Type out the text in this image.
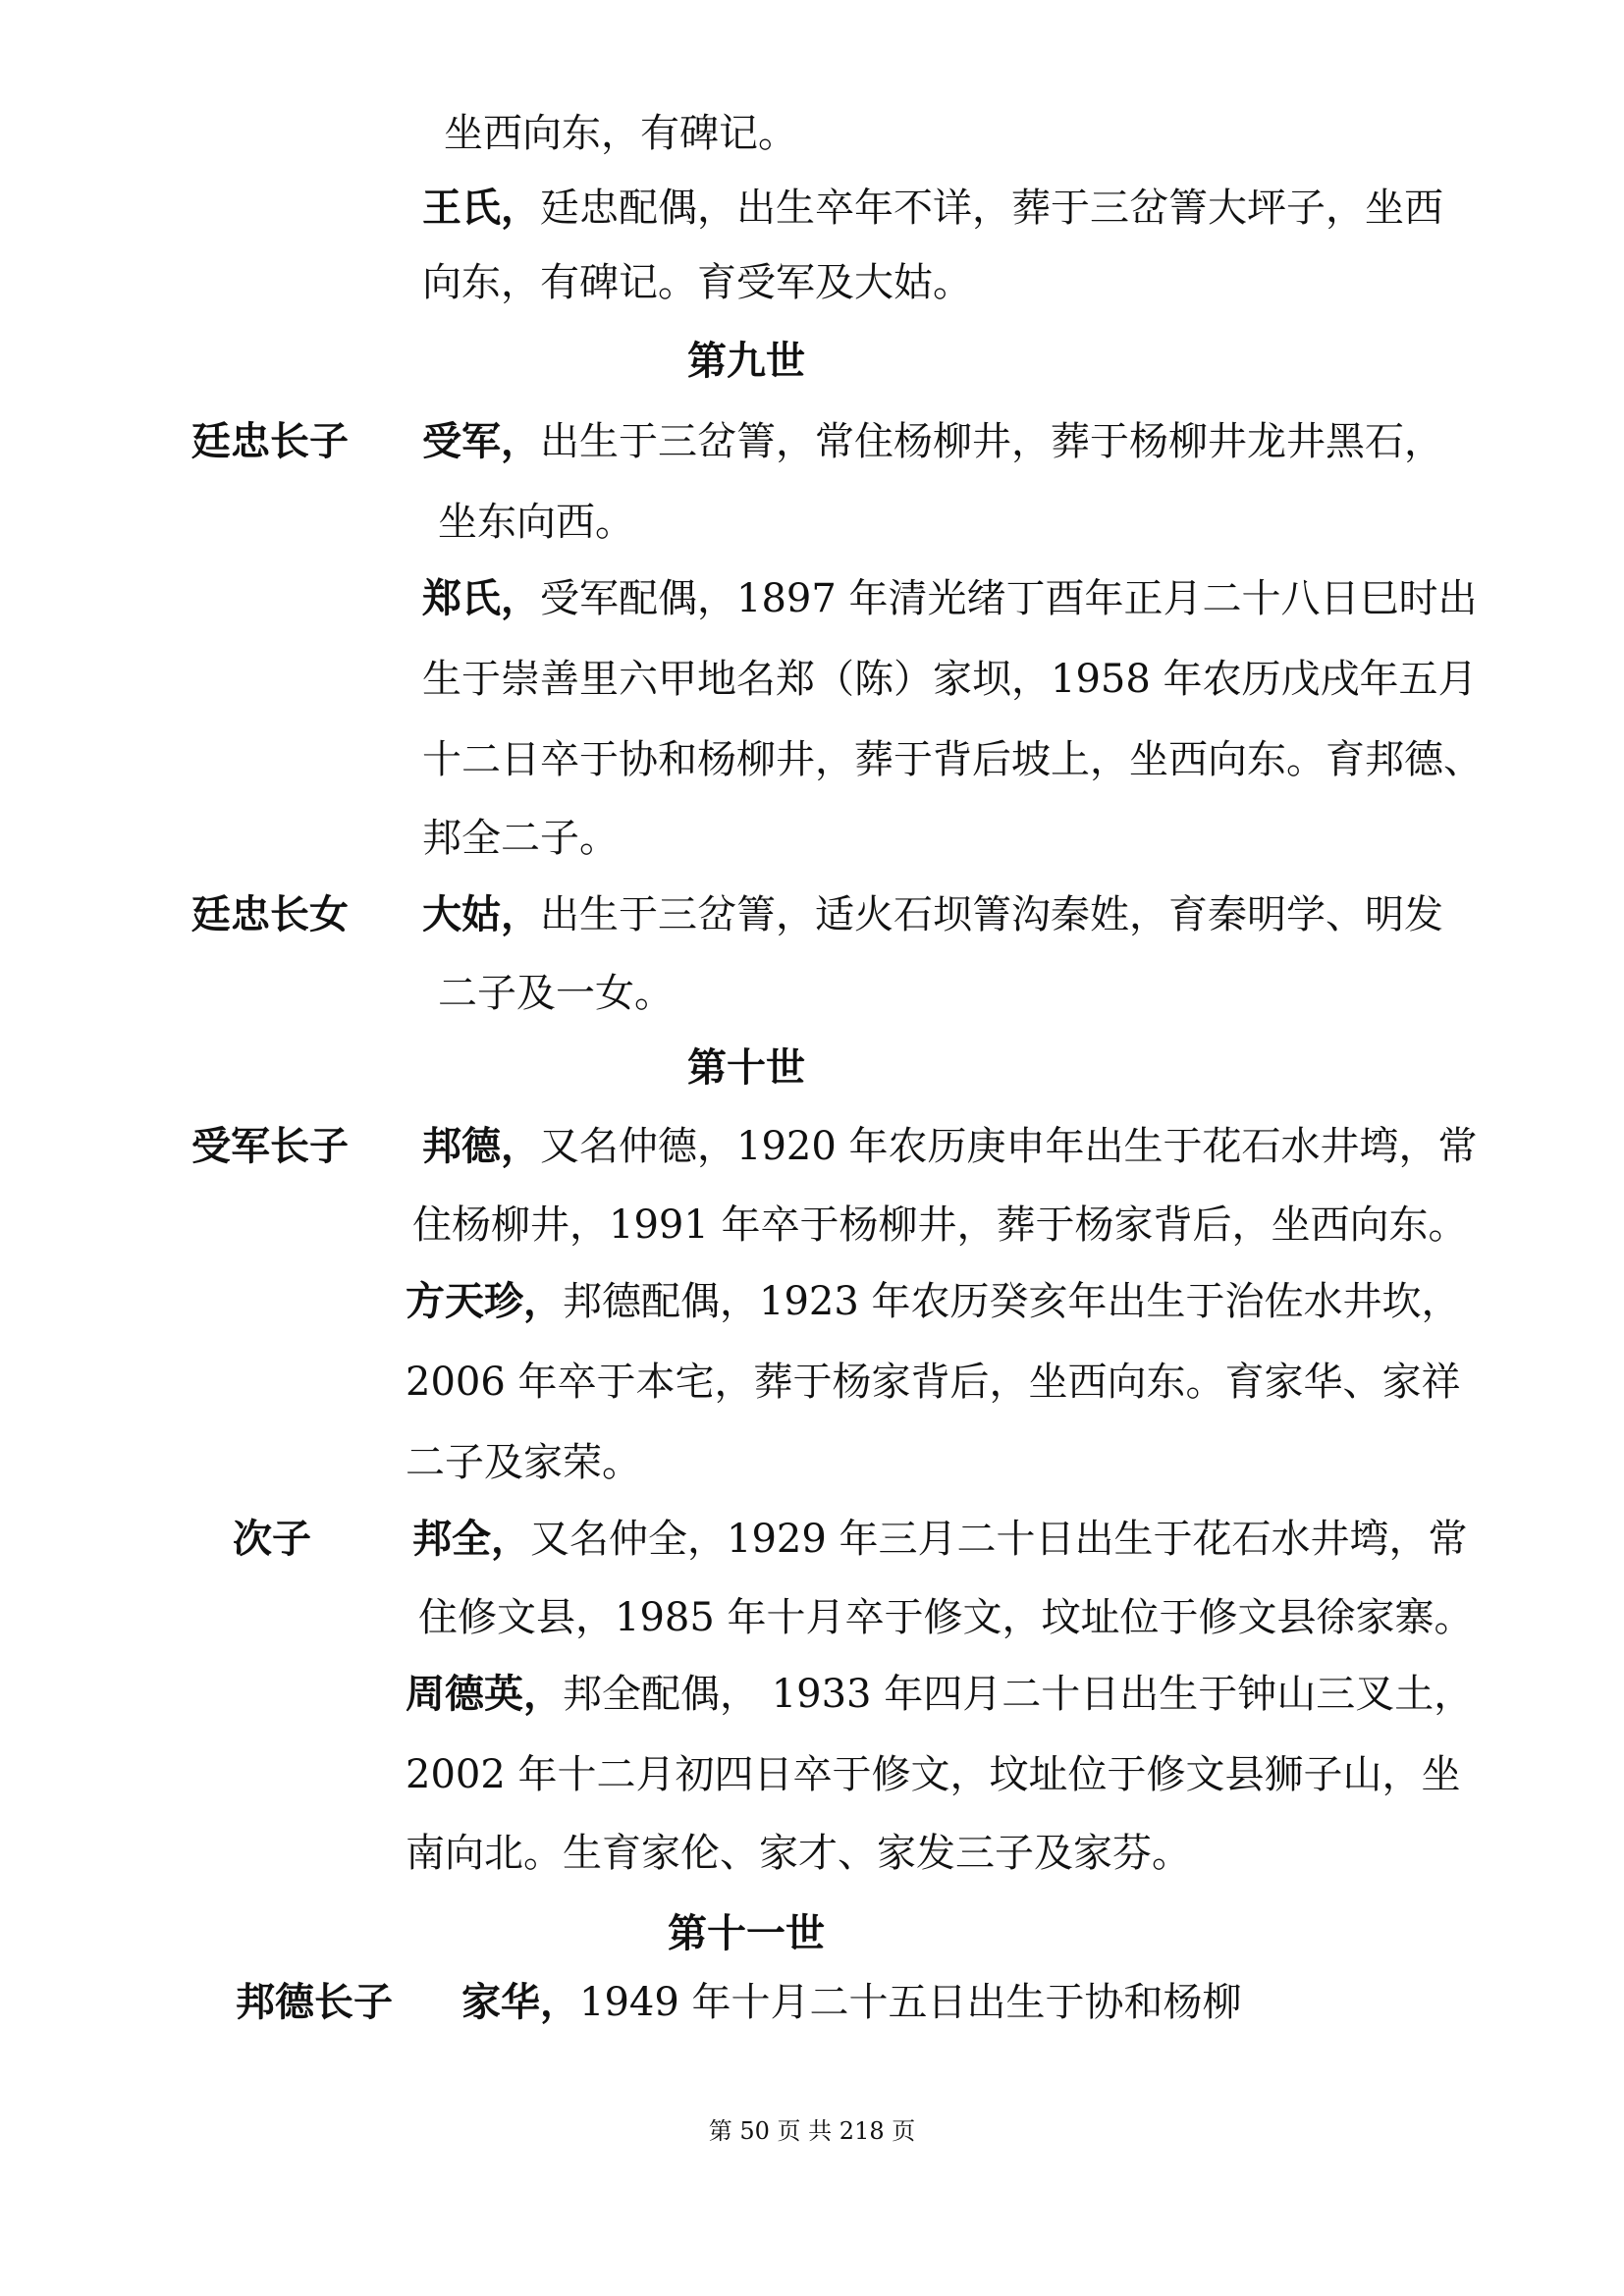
坐西向东，有碑记。
王氏，廷忠配偶，出生卒年不详，葬于三岔箐大坪子，坐西
向东，有碑记。育受军及大姑。
第九世
廷忠长子 受军，出生于三岔箐，常住杨柳井，葬于杨柳井龙井黑石，
坐东向西。
郑氏，受军配偶，1897 年清光绪丁酉年正月二十八日巳时出
生于崇善里六甲地名郑（陈）家坝，1958 年农历戊戌年五月
十二日卒于协和杨柳井，葬于背后坡上，坐西向东。育邦德、
邦全二子。
廷忠长女 大姑，出生于三岔箐，适火石坝箐沟秦姓，育秦明学、明发
二子及一女。
第十世
受军长子 邦德，又名仲德，1920 年农历庚申年出生于花石水井塆，常
住杨柳井，1991 年卒于杨柳井，葬于杨家背后，坐西向东。
方天珍，邦德配偶，1923 年农历癸亥年出生于治佐水井坎，
2006 年卒于本宅，葬于杨家背后，坐西向东。育家华、家祥
二子及家荣。
次子	邦全，又名仲全，1929 年三月二十日出生于花石水井塆，常
住修文县，1985 年十月卒于修文，坟址位于修文县徐家寨。
周德英，邦全配偶， 1933 年四月二十日出生于钟山三叉土，
2002 年十二月初四日卒于修文，坟址位于修文县狮子山，坐
南向北。生育家伦、家才、家发三子及家芬。
第十一世
邦德长子 家华，1949 年十月二十五日出生于协和杨柳
第 50 页 共 218 页
